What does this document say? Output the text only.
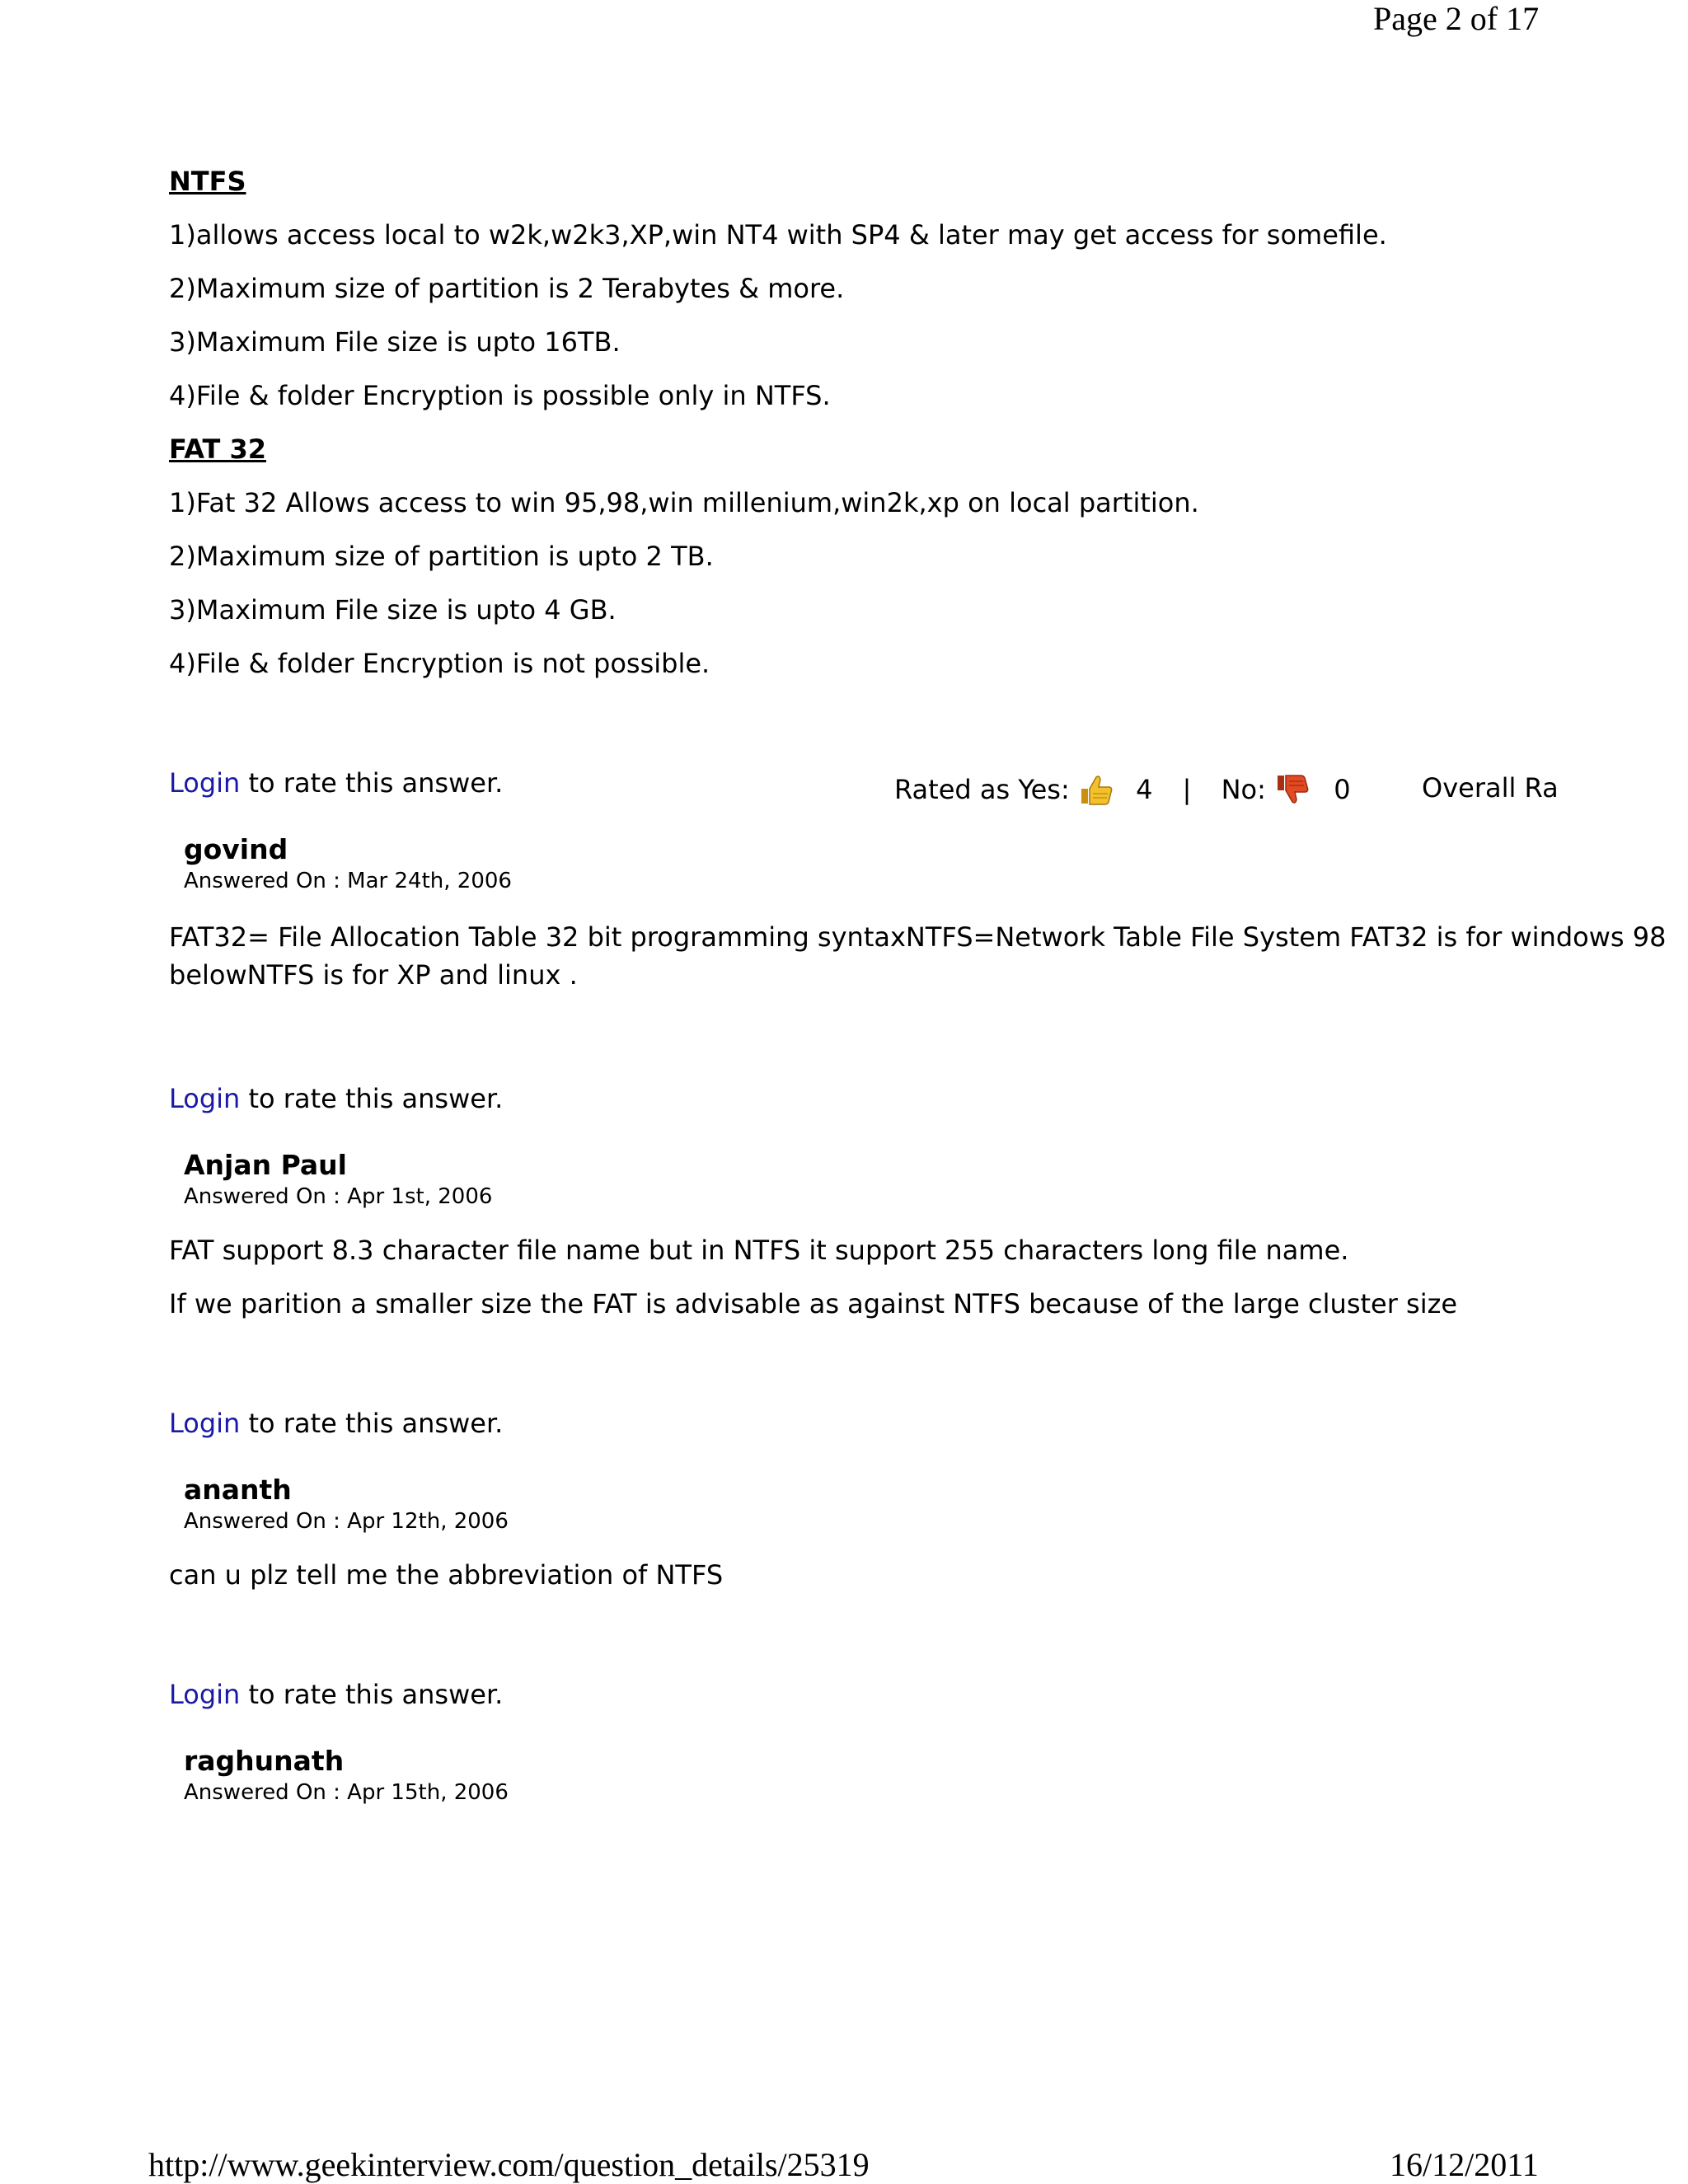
Page 2 of 17
NTFS
1)allows access local to w2k,w2k3,XP,win NT4 with SP4 & later may get access for somefile.
2)Maximum size of partition is 2 Terabytes & more.
3)Maximum File size is upto 16TB.
4)File & folder Encryption is possible only in NTFS.
FAT 32
1)Fat 32 Allows access to win 95,98,win millenium,win2k,xp on local partition.
2)Maximum size of partition is upto 2 TB.
3)Maximum File size is upto 4 GB.
4)File & folder Encryption is not possible.
Login to rate this answer.	Rated as Yes:	4 | No:	0	Overall Ra
govind
Answered On : Mar 24th, 2006
FAT32= File Allocation Table 32 bit programming syntaxNTFS=Network Table File System FAT32 is for windows 98
belowNTFS is for XP and linux .
Login to rate this answer.
Anjan Paul
Answered On : Apr 1st, 2006
FAT support 8.3 character file name but in NTFS it support 255 characters long file name.
If we parition a smaller size the FAT is advisable as against NTFS because of the large cluster size
Login to rate this answer.
ananth
Answered On : Apr 12th, 2006
can u plz tell me the abbreviation of NTFS
Login to rate this answer.
raghunath
Answered On : Apr 15th, 2006
http://www.geekinterview.com/question_details/25319	16/12/2011
